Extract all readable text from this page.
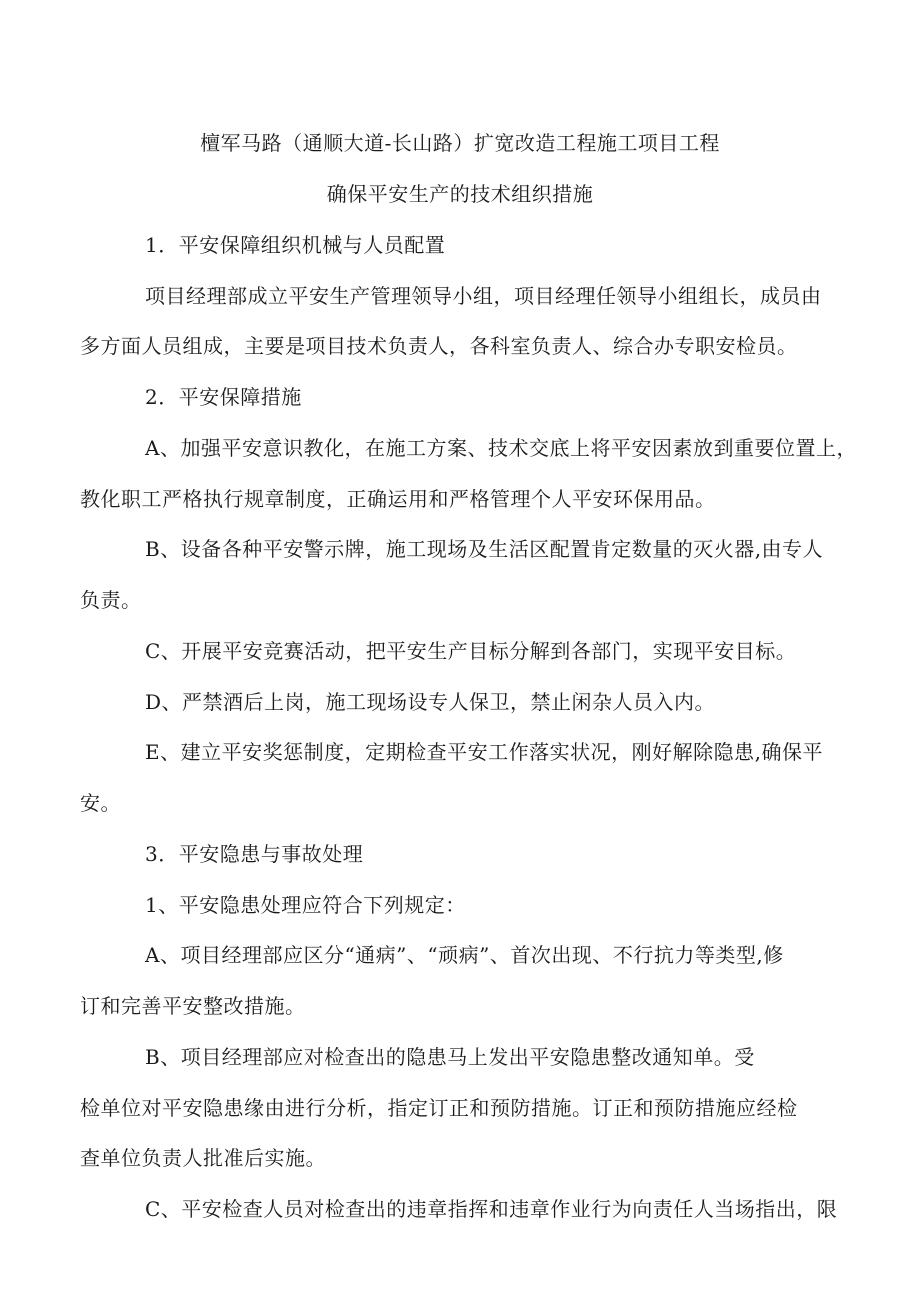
檀军马路（通顺大道-长山路）扩宽改造工程施工项目工程
确保平安生产的技术组织措施
1．平安保障组织机械与人员配置
项目经理部成立平安生产管理领导小组，项目经理任领导小组组长，成员由
多方面人员组成，主要是项目技术负责人，各科室负责人、综合办专职安检员。
2．平安保障措施
A、加强平安意识教化，在施工方案、技术交底上将平安因素放到重要位置上，
教化职工严格执行规章制度，正确运用和严格管理个人平安环保用品。
B、设备各种平安警示牌，施工现场及生活区配置肯定数量的灭火器,由专人
负责。
C、开展平安竞赛活动，把平安生产目标分解到各部门，实现平安目标。
D、严禁酒后上岗，施工现场设专人保卫，禁止闲杂人员入内。
E、建立平安奖惩制度，定期检查平安工作落实状况，刚好解除隐患,确保平
安。
3．平安隐患与事故处理
1、平安隐患处理应符合下列规定：
A、项目经理部应区分“通病”、“顽病”、首次出现、不行抗力等类型,修
订和完善平安整改措施。
B、项目经理部应对检查出的隐患马上发出平安隐患整改通知单。受
检单位对平安隐患缘由进行分析，指定订正和预防措施。订正和预防措施应经检
查单位负责人批准后实施。
C、平安检查人员对检查出的违章指挥和违章作业行为向责任人当场指出，限
